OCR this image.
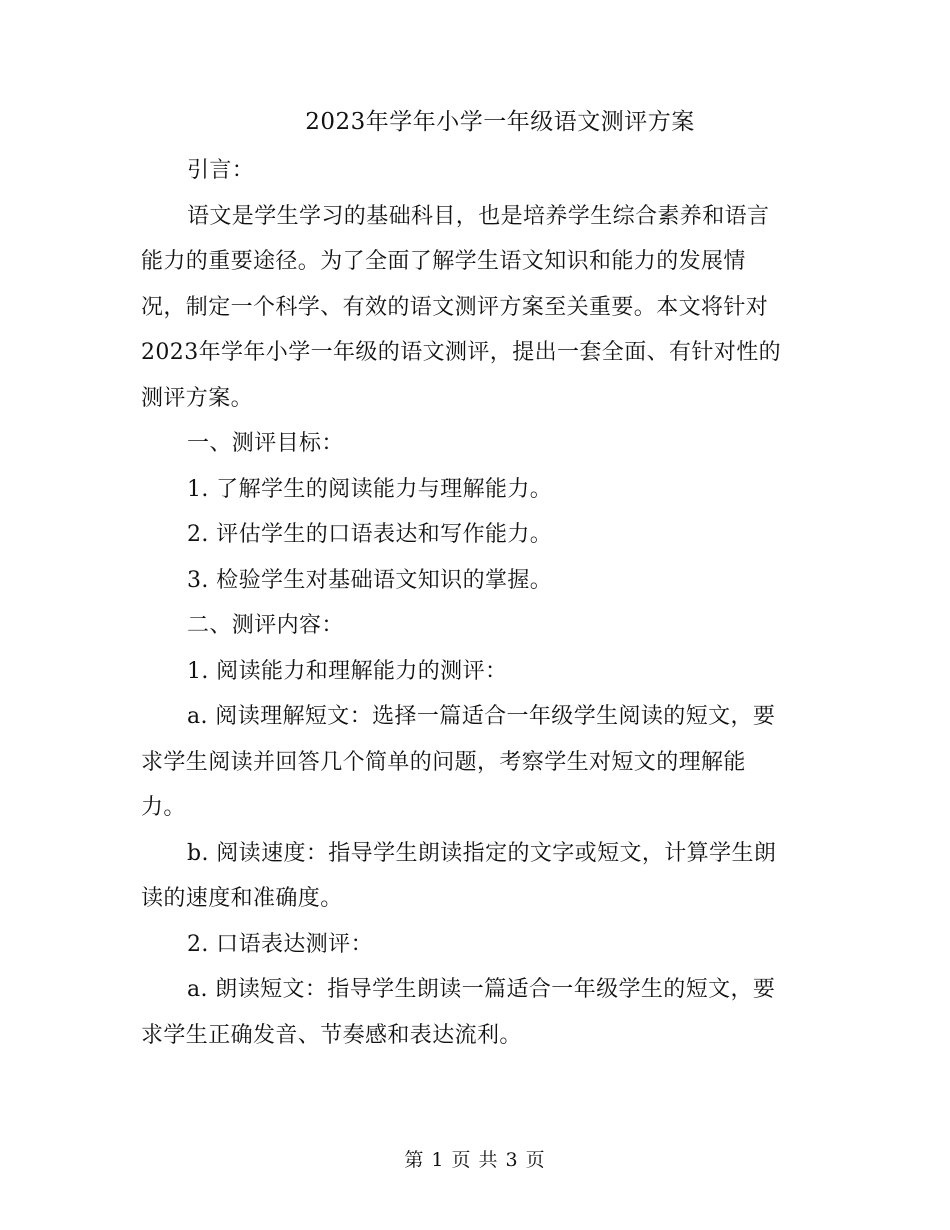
2023年学年小学一年级语文测评方案
引言：
语文是学生学习的基础科目，也是培养学生综合素养和语言
能力的重要途径。为了全面了解学生语文知识和能力的发展情
况，制定一个科学、有效的语文测评方案至关重要。本文将针对
2023年学年小学一年级的语文测评，提出一套全面、有针对性的
测评方案。
一、测评目标：
1. 了解学生的阅读能力与理解能力。
2. 评估学生的口语表达和写作能力。
3. 检验学生对基础语文知识的掌握。
二、测评内容：
1. 阅读能力和理解能力的测评：
a. 阅读理解短文：选择一篇适合一年级学生阅读的短文，要
求学生阅读并回答几个简单的问题，考察学生对短文的理解能
力。
b. 阅读速度：指导学生朗读指定的文字或短文，计算学生朗
读的速度和准确度。
2. 口语表达测评：
a. 朗读短文：指导学生朗读一篇适合一年级学生的短文，要
求学生正确发音、节奏感和表达流利。
第 1 页 共 3 页
